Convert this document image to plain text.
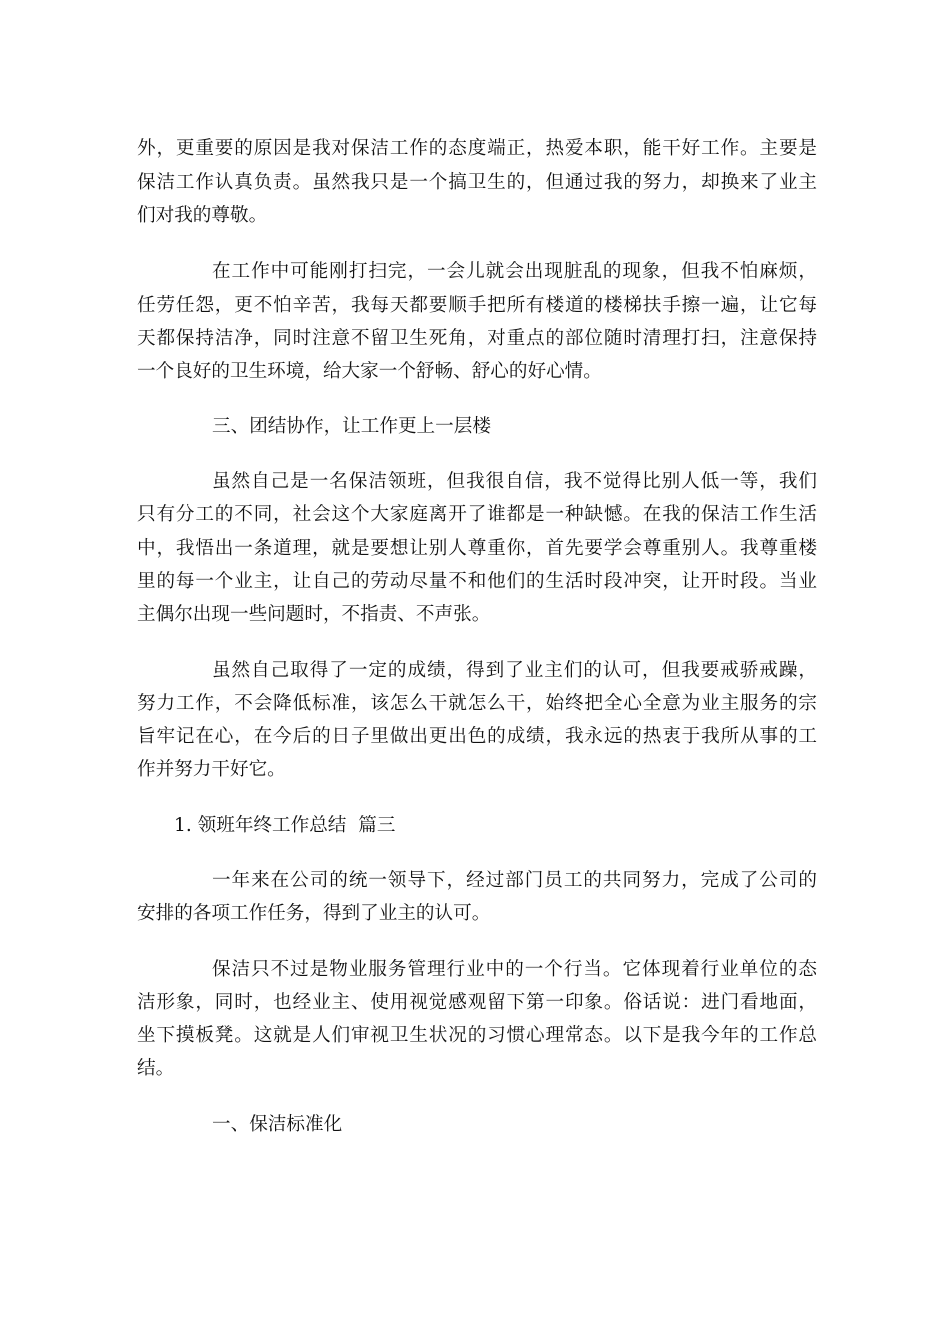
外，更重要的原因是我对保洁工作的态度端正，热爱本职，能干好工作。主要是
保洁工作认真负责。虽然我只是一个搞卫生的，但通过我的努力，却换来了业主
们对我的尊敬。
在工作中可能刚打扫完，一会儿就会出现脏乱的现象，但我不怕麻烦，
任劳任怨，更不怕辛苦，我每天都要顺手把所有楼道的楼梯扶手擦一遍，让它每
天都保持洁净，同时注意不留卫生死角，对重点的部位随时清理打扫，注意保持
一个良好的卫生环境，给大家一个舒畅、舒心的好心情。
三、团结协作，让工作更上一层楼
虽然自己是一名保洁领班，但我很自信，我不觉得比别人低一等，我们
只有分工的不同，社会这个大家庭离开了谁都是一种缺憾。在我的保洁工作生活
中，我悟出一条道理，就是要想让别人尊重你，首先要学会尊重别人。我尊重楼
里的每一个业主，让自己的劳动尽量不和他们的生活时段冲突，让开时段。当业
主偶尔出现一些问题时，不指责、不声张。
虽然自己取得了一定的成绩，得到了业主们的认可，但我要戒骄戒躁，
努力工作，不会降低标准，该怎么干就怎么干，始终把全心全意为业主服务的宗
旨牢记在心，在今后的日子里做出更出色的成绩，我永远的热衷于我所从事的工
作并努力干好它。
1. 领班年终工作总结  篇三
一年来在公司的统一领导下，经过部门员工的共同努力，完成了公司的
安排的各项工作任务，得到了业主的认可。
保洁只不过是物业服务管理行业中的一个行当。它体现着行业单位的态
洁形象，同时，也经业主、使用视觉感观留下第一印象。俗话说：进门看地面，
坐下摸板凳。这就是人们审视卫生状况的习惯心理常态。以下是我今年的工作总
结。
一、保洁标准化
